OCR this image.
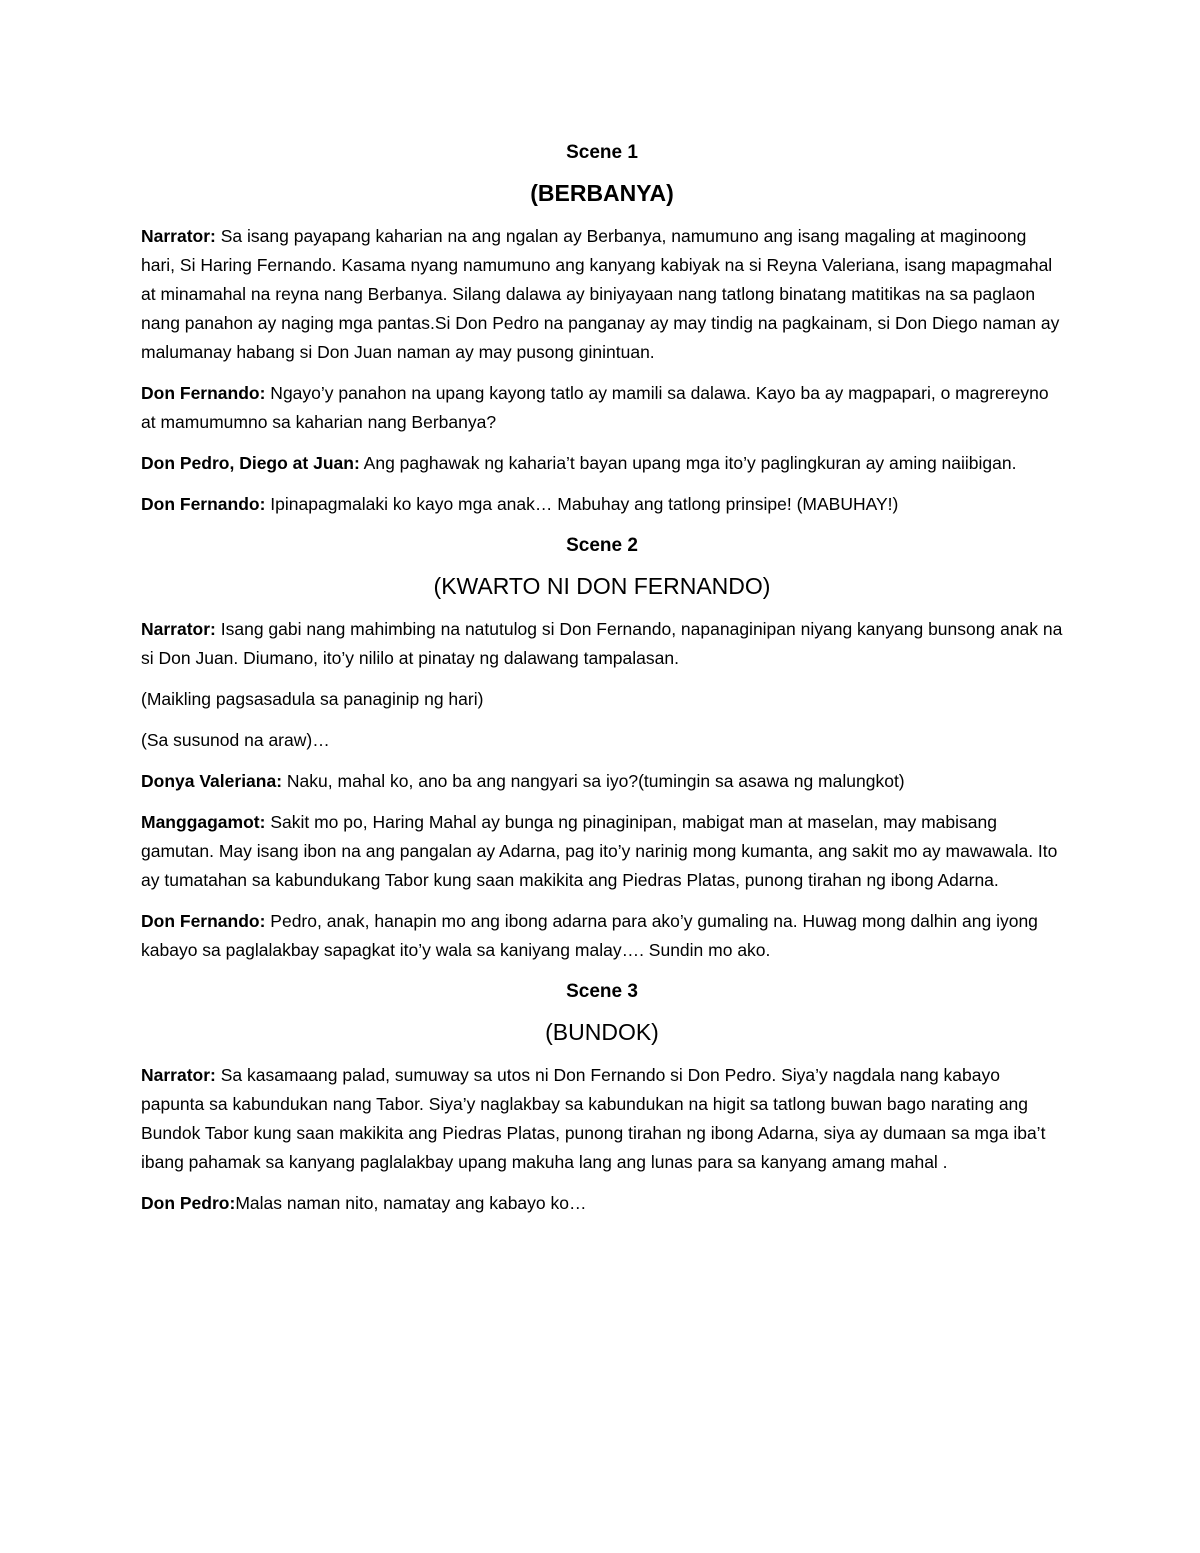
Scene 1
(BERBANYA)

Narrator: Sa isang payapang kaharian na ang ngalan ay Berbanya, namumuno ang isang magaling at maginoong hari, Si Haring Fernando. Kasama nyang namumuno ang kanyang kabiyak na si Reyna Valeriana, isang mapagmahal at minamahal na reyna nang Berbanya. Silang dalawa ay biniyayaan nang tatlong binatang matitikas na sa paglaon nang panahon ay naging mga pantas.Si Don Pedro na panganay ay may tindig na pagkainam, si Don Diego naman ay malumanay habang si Don Juan naman ay may pusong ginintuan.

Don Fernando: Ngayo’y panahon na upang kayong tatlo ay mamili sa dalawa. Kayo ba ay magpapari, o magrereyno at mamumumno sa kaharian nang Berbanya?

Don Pedro, Diego at Juan: Ang paghawak ng kaharia’t bayan upang mga ito’y paglingkuran ay aming naiibigan.

Don Fernando: Ipinapagmalaki ko kayo mga anak… Mabuhay ang tatlong prinsipe! (MABUHAY!)

Scene 2
(KWARTO NI DON FERNANDO)

Narrator: Isang gabi nang mahimbing na natutulog si Don Fernando, napanaginipan niyang kanyang bunsong anak na si Don Juan. Diumano, ito’y nililo at pinatay ng dalawang tampalasan.

(Maikling pagsasadula sa panaginip ng hari)

(Sa susunod na araw)…

Donya Valeriana: Naku, mahal ko, ano ba ang nangyari sa iyo?(tumingin sa asawa ng malungkot)

Manggagamot: Sakit mo po, Haring Mahal ay bunga ng pinaginipan, mabigat man at maselan, may mabisang gamutan. May isang ibon na ang pangalan ay Adarna, pag ito’y narinig mong kumanta, ang sakit mo ay mawawala. Ito ay tumatahan sa kabundukang Tabor kung saan makikita ang Piedras Platas, punong tirahan ng ibong Adarna.

Don Fernando: Pedro, anak, hanapin mo ang ibong adarna para ako’y gumaling na. Huwag mong dalhin ang iyong kabayo sa paglalakbay sapagkat ito’y wala sa kaniyang malay…. Sundin mo ako.

Scene 3
(BUNDOK)

Narrator: Sa kasamaang palad, sumuway sa utos ni Don Fernando si Don Pedro. Siya’y nagdala nang kabayo papunta sa kabundukan nang Tabor. Siya’y naglakbay sa kabundukan na higit sa tatlong buwan bago narating ang Bundok Tabor kung saan makikita ang Piedras Platas, punong tirahan ng ibong Adarna, siya ay dumaan sa mga iba’t ibang pahamak sa kanyang paglalakbay upang makuha lang ang lunas para sa kanyang amang mahal .

Don Pedro:Malas naman nito, namatay ang kabayo ko…
